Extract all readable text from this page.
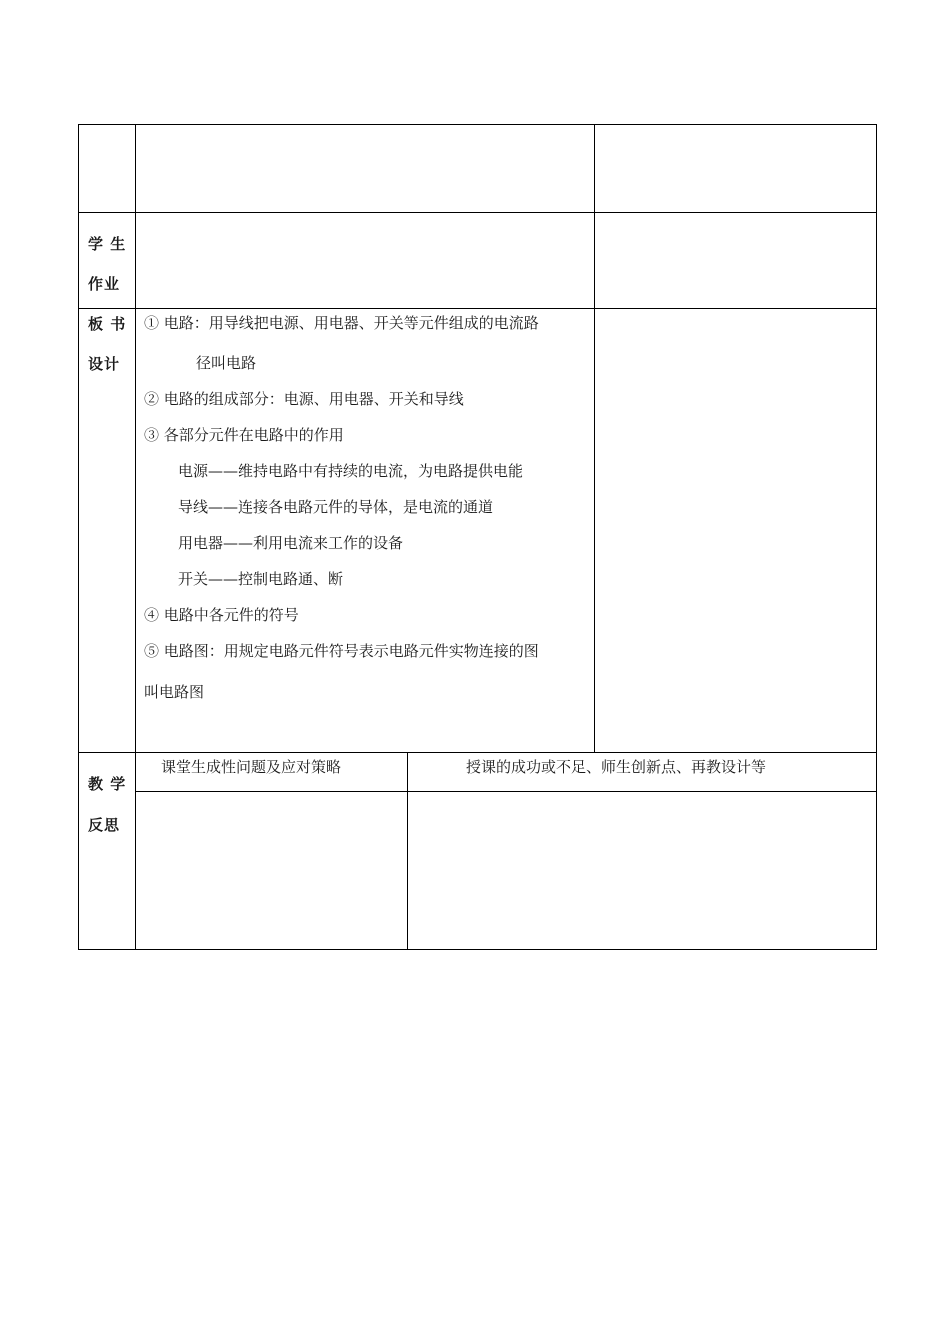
学 生
作业
板 书
设计
① 电路：用导线把电源、用电器、开关等元件组成的电流路
径叫电路
② 电路的组成部分：电源、用电器、开关和导线
③ 各部分元件在电路中的作用
电源——维持电路中有持续的电流，为电路提供电能
导线——连接各电路元件的导体，是电流的通道
用电器——利用电流来工作的设备
开关——控制电路通、断
④ 电路中各元件的符号
⑤ 电路图：用规定电路元件符号表示电路元件实物连接的图
叫电路图
教 学
反思
课堂生成性问题及应对策略	授课的成功或不足、师生创新点、再教设计等
